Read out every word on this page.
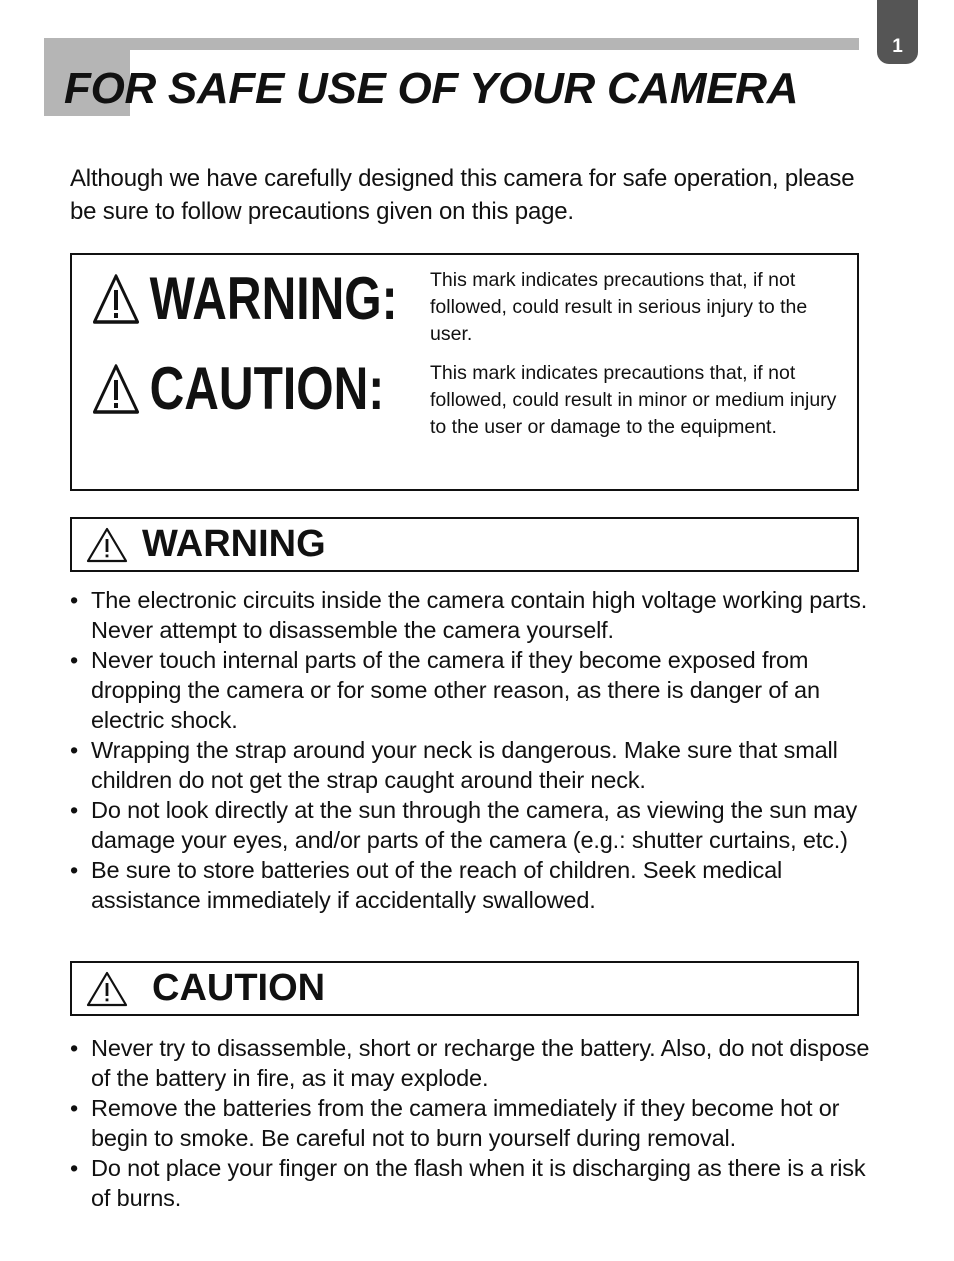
1
FOR SAFE USE OF YOUR CAMERA

Although we have carefully designed this camera for safe operation, please be sure to follow precautions given on this page.

WARNING: This mark indicates precautions that, if not followed, could result in serious injury to the user.

CAUTION: This mark indicates precautions that, if not followed, could result in minor or medium injury to the user or damage to the equipment.

WARNING
• The electronic circuits inside the camera contain high voltage working parts. Never attempt to disassemble the camera yourself.
• Never touch internal parts of the camera if they become exposed from dropping the camera or for some other reason, as there is danger of an electric shock.
• Wrapping the strap around your neck is dangerous. Make sure that small children do not get the strap caught around their neck.
• Do not look directly at the sun through the camera, as viewing the sun may damage your eyes, and/or parts of the camera (e.g.: shutter curtains, etc.)
• Be sure to store batteries out of the reach of children. Seek medical assistance immediately if accidentally swallowed.
CAUTION
• Never try to disassemble, short or recharge the battery. Also, do not dispose of the battery in fire, as it may explode.
• Remove the batteries from the camera immediately if they become hot or begin to smoke. Be careful not to burn yourself during removal.
• Do not place your finger on the flash when it is discharging as there is a risk of burns.
